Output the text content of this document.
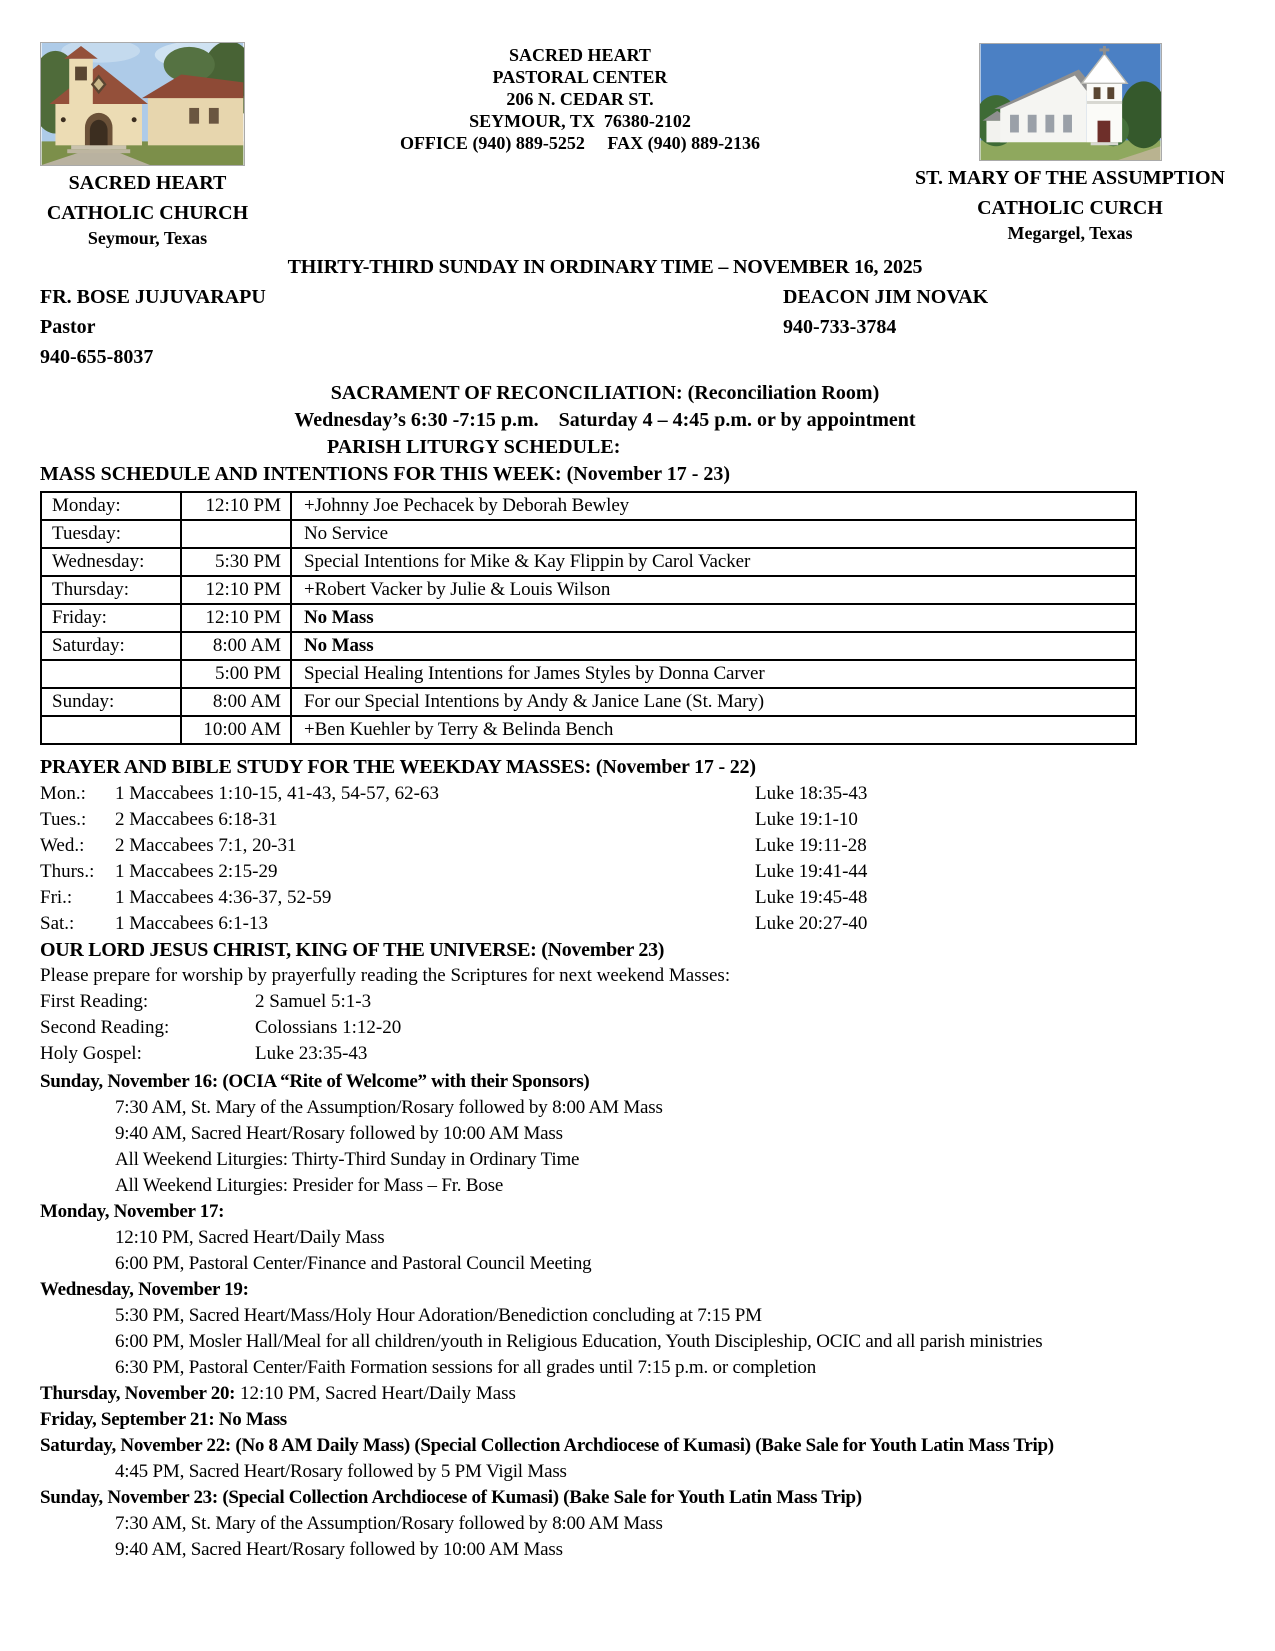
SACRED HEART
CATHOLIC CHURCH
Seymour, Texas
SACRED HEART
PASTORAL CENTER
206 N. CEDAR ST.
SEYMOUR, TX  76380-2102
OFFICE (940) 889-5252     FAX (940) 889-2136
ST. MARY OF THE ASSUMPTION
CATHOLIC CURCH
Megargel, Texas
THIRTY-THIRD SUNDAY IN ORDINARY TIME – NOVEMBER 16, 2025
FR. BOSE JUJUVARAPU	DEACON JIM NOVAK
Pastor	940-733-3784
940-655-8037
SACRAMENT OF RECONCILIATION: (Reconciliation Room)
Wednesday’s 6:30 -7:15 p.m.    Saturday 4 – 4:45 p.m. or by appointment
PARISH LITURGY SCHEDULE:
MASS SCHEDULE AND INTENTIONS FOR THIS WEEK: (November 17 - 23)
Monday:	12:10 PM	+Johnny Joe Pechacek by Deborah Bewley
Tuesday:		No Service
Wednesday:	5:30 PM	Special Intentions for Mike & Kay Flippin by Carol Vacker
Thursday:	12:10 PM	+Robert Vacker by Julie & Louis Wilson
Friday:	12:10 PM	No Mass
Saturday:	8:00 AM	No Mass
	5:00 PM	Special Healing Intentions for James Styles by Donna Carver
Sunday:	8:00 AM	For our Special Intentions by Andy & Janice Lane (St. Mary)
	10:00 AM	+Ben Kuehler by Terry & Belinda Bench
PRAYER AND BIBLE STUDY FOR THE WEEKDAY MASSES: (November 17 - 22)
Mon.:	1 Maccabees 1:10-15, 41-43, 54-57, 62-63	Luke 18:35-43
Tues.:	2 Maccabees 6:18-31	Luke 19:1-10
Wed.:	2 Maccabees 7:1, 20-31	Luke 19:11-28
Thurs.:	1 Maccabees 2:15-29	Luke 19:41-44
Fri.:	1 Maccabees 4:36-37, 52-59	Luke 19:45-48
Sat.:	1 Maccabees 6:1-13	Luke 20:27-40
OUR LORD JESUS CHRIST, KING OF THE UNIVERSE: (November 23)
Please prepare for worship by prayerfully reading the Scriptures for next weekend Masses:
First Reading:	2 Samuel 5:1-3
Second Reading:	Colossians 1:12-20
Holy Gospel:	Luke 23:35-43
Sunday, November 16: (OCIA “Rite of Welcome” with their Sponsors)
7:30 AM, St. Mary of the Assumption/Rosary followed by 8:00 AM Mass
9:40 AM, Sacred Heart/Rosary followed by 10:00 AM Mass
All Weekend Liturgies: Thirty-Third Sunday in Ordinary Time
All Weekend Liturgies: Presider for Mass – Fr. Bose
Monday, November 17:
12:10 PM, Sacred Heart/Daily Mass
6:00 PM, Pastoral Center/Finance and Pastoral Council Meeting
Wednesday, November 19:
5:30 PM, Sacred Heart/Mass/Holy Hour Adoration/Benediction concluding at 7:15 PM
6:00 PM, Mosler Hall/Meal for all children/youth in Religious Education, Youth Discipleship, OCIC and all parish ministries
6:30 PM, Pastoral Center/Faith Formation sessions for all grades until 7:15 p.m. or completion
Thursday, November 20: 12:10 PM, Sacred Heart/Daily Mass
Friday, September 21: No Mass
Saturday, November 22: (No 8 AM Daily Mass) (Special Collection Archdiocese of Kumasi) (Bake Sale for Youth Latin Mass Trip)
4:45 PM, Sacred Heart/Rosary followed by 5 PM Vigil Mass
Sunday, November 23: (Special Collection Archdiocese of Kumasi) (Bake Sale for Youth Latin Mass Trip)
7:30 AM, St. Mary of the Assumption/Rosary followed by 8:00 AM Mass
9:40 AM, Sacred Heart/Rosary followed by 10:00 AM Mass
